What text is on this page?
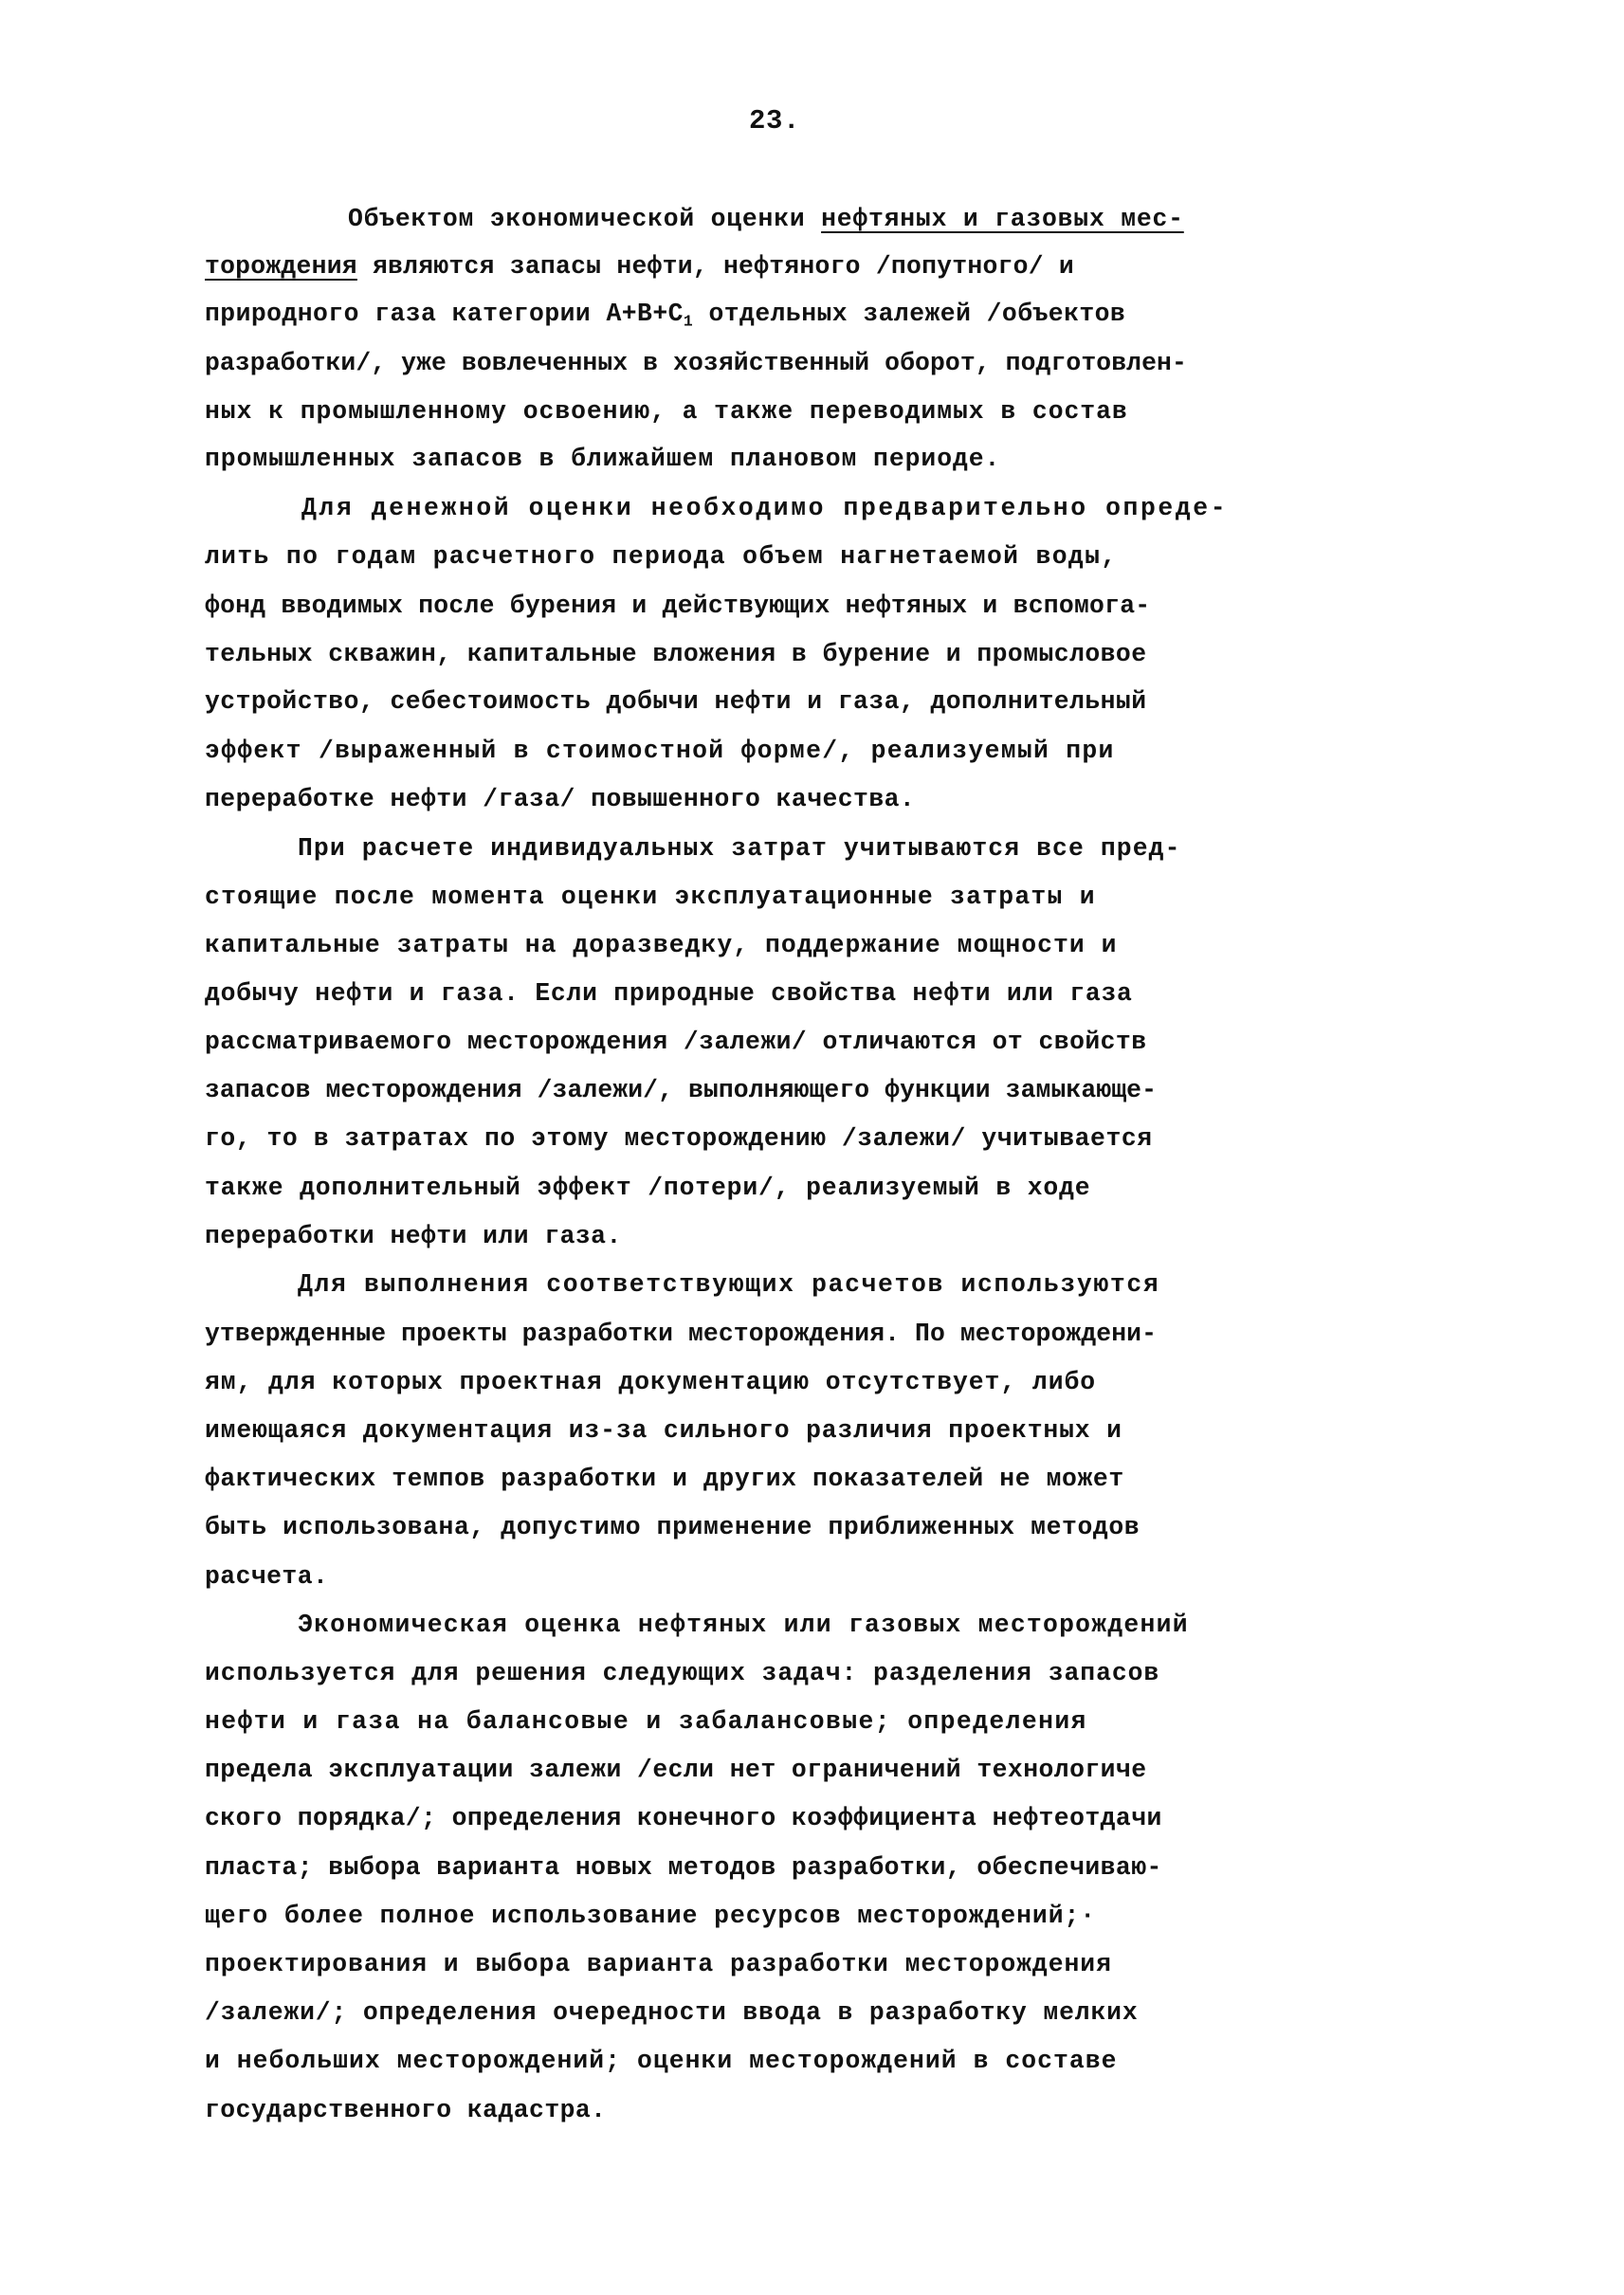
23.

Объектом экономической оценки нефтяных и газовых мес-

торождения являются запасы нефти, нефтяного /попутного/ и

природного газа категории $А+В+С_1$ отдельных залежей /объектов

разработки/, уже вовлеченных в хозяйственный оборот, подготовлен-

ных к промышленному освоению, а также переводимых в состав

промышленных запасов в ближайшем плановом периоде.

Для денежной оценки необходимо предварительно опреде-

лить по годам расчетного периода объем нагнетаемой воды,

фонд вводимых после бурения и действующих нефтяных и вспомога-

тельных скважин, капитальные вложения в бурение и промысловое

устройство, себестоимость добычи нефти и газа, дополнительный

эффект /выраженный в стоимостной форме/, реализуемый при

переработке нефти /газа/ повышенного качества.

При расчете индивидуальных затрат учитываются все пред-

стоящие после момента оценки эксплуатационные затраты и

капитальные затраты на доразведку, поддержание мощности и

добычу нефти и газа. Если природные свойства нефти или газа

рассматриваемого месторождения /залежи/ отличаются от свойств

запасов месторождения /залежи/, выполняющего функции замыкающе-

го, то в затратах по этому месторождению /залежи/ учитывается

также дополнительный эффект /потери/, реализуемый в ходе

переработки нефти или газа.

Для выполнения соответствующих расчетов используются

утвержденные проекты разработки месторождения. По месторождени-

ям, для которых проектная документацию отсутствует, либо

имеющаяся документация из-за сильного различия проектных и

фактических темпов разработки и других показателей не может

быть использована, допустимо применение приближенных методов

расчета.

Экономическая оценка нефтяных или газовых месторождений

используется для решения следующих задач: разделения запасов

нефти и газа на балансовые и забалансовые; определения

предела эксплуатации залежи /если нет ограничений технологиче

ского порядка/; определения конечного коэффициента нефтеотдачи

пласта; выбора варианта новых методов разработки, обеспечиваю-

щего более полное использование ресурсов месторождений;·

проектирования и выбора варианта разработки месторождения

/залежи/; определения очередности ввода в разработку мелких

и небольших месторождений; оценки месторождений в составе

государственного кадастра.
